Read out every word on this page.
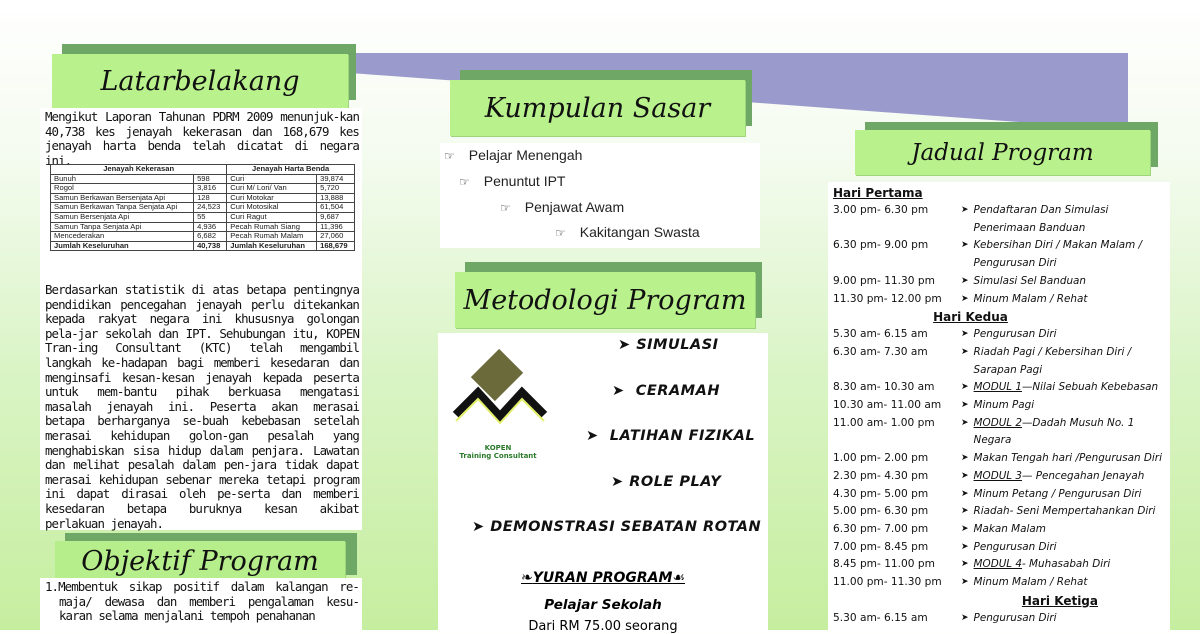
Latarbelakang
Mengikut Laporan Tahunan PDRM 2009 menunjuk-kan 40,738 kes jenayah kekerasan dan 168,679 kes jenayah harta benda telah dicatat di negara ini.
Jenayah Kekerasan		Jenayah Harta Benda	
Bunuh	598	Curi	39,874
Rogol	3,816	Curi M/ Lori/ Van	5,720
Samun Berkawan Bersenjata Api	128	Curi Motokar	13,888
Samun Berkawan Tanpa Senjata Api	24,523	Curi Motosikal	61,504
Samun Bersenjata Api	55	Curi Ragut	9,687
Samun Tanpa Senjata Api	4,936	Pecah Rumah Siang	11,396
Mencederakan	6,682	Pecah Rumah Malam	27,060
Jumlah Keseluruhan	40,738	Jumlah Keseluruhan	168,679
Berdasarkan statistik di atas betapa pentingnya pendidikan pencegahan jenayah perlu ditekankan kepada rakyat negara ini khususnya golongan pela-jar sekolah dan IPT. Sehubungan itu, KOPEN Tran-ing Consultant (KTC) telah mengambil langkah ke-hadapan bagi memberi kesedaran dan menginsafi kesan-kesan jenayah kepada peserta untuk mem-bantu pihak berkuasa mengatasi masalah jenayah ini. Peserta akan merasai betapa berharganya se-buah kebebasan setelah merasai kehidupan golon-gan pesalah yang menghabiskan sisa hidup dalam penjara. Lawatan dan melihat pesalah dalam pen-jara tidak dapat merasai kehidupan sebenar mereka tetapi program ini dapat dirasai oleh pe-serta dan memberi kesedaran betapa buruknya kesan akibat perlakuan jenayah.
Objektif Program
1.Membentuk sikap positif dalam kalangan re-maja/ dewasa dan memberi pengalaman kesu-karan selama menjalani tempoh penahanan
Kumpulan Sasar
☞ Pelajar Menengah
☞ Penuntut IPT
☞ Penjawat Awam
☞ Kakitangan Swasta
Metodologi Program
KOPEN
Training Consultant
➤ SIMULASI
➤  CERAMAH
➤  LATIHAN FIZIKAL
➤ ROLE PLAY
➤ DEMONSTRASI SEBATAN ROTAN
❧YURAN PROGRAM☙
Pelajar Sekolah
Dari RM 75.00 seorang
Jadual Program
Hari Pertama
3.00 pm- 6.30 pm	➤ Pendaftaran Dan Simulasi Penerimaan Banduan
6.30 pm- 9.00 pm	➤ Kebersihan Diri / Makan Malam / Pengurusan Diri
9.00 pm- 11.30 pm	➤ Simulasi Sel Banduan
11.30 pm- 12.00 pm	➤ Minum Malam / Rehat
Hari Kedua
5.30 am- 6.15 am	➤ Pengurusan Diri
6.30 am- 7.30 am	➤ Riadah Pagi / Kebersihan Diri / Sarapan Pagi
8.30 am- 10.30 am	➤ MODUL 1—Nilai Sebuah Kebebasan
10.30 am- 11.00 am	➤ Minum Pagi
11.00 am- 1.00 pm	➤ MODUL 2—Dadah Musuh No. 1 Negara
1.00 pm- 2.00 pm	➤ Makan Tengah hari /Pengurusan Diri
2.30 pm- 4.30 pm	➤ MODUL 3— Pencegahan Jenayah
4.30 pm- 5.00 pm	➤ Minum Petang / Pengurusan Diri
5.00 pm- 6.30 pm	➤ Riadah- Seni Mempertahankan Diri
6.30 pm- 7.00 pm	➤ Makan Malam
7.00 pm- 8.45 pm	➤ Pengurusan Diri
8.45 pm- 11.00 pm	➤ MODUL 4- Muhasabah Diri
11.00 pm- 11.30 pm	➤ Minum Malam / Rehat
Hari Ketiga
5.30 am- 6.15 am	➤ Pengurusan Diri
